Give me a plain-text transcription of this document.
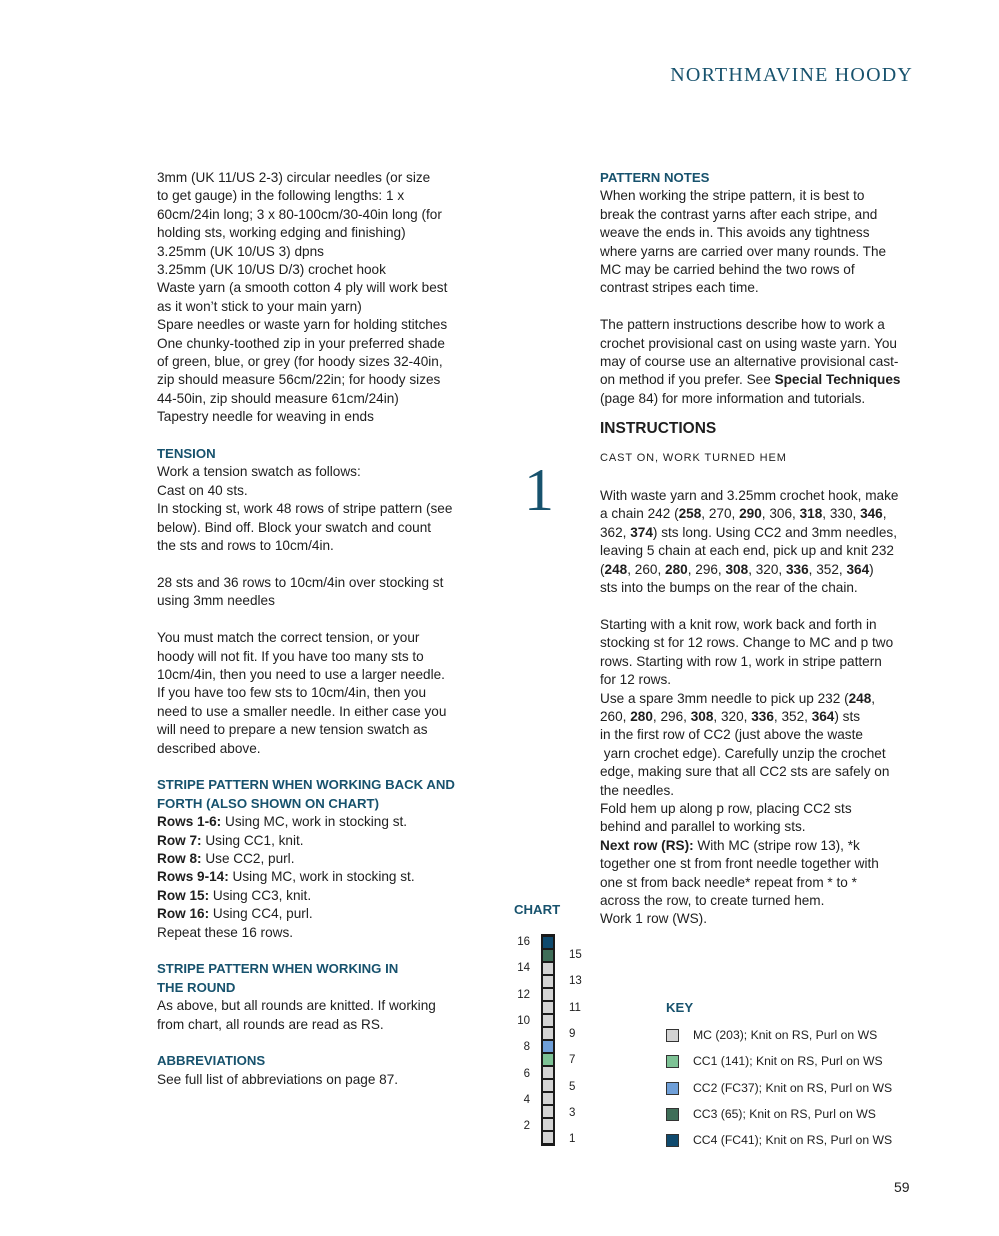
NORTHMAVINE HOODY
3mm (UK 11/US 2-3) circular needles (or size
to get gauge) in the following lengths: 1 x
60cm/24in long; 3 x 80-100cm/30-40in long (for
holding sts, working edging and finishing)
3.25mm (UK 10/US 3) dpns
3.25mm (UK 10/US D/3) crochet hook
Waste yarn (a smooth cotton 4 ply will work best
as it won’t stick to your main yarn)
Spare needles or waste yarn for holding stitches
One chunky-toothed zip in your preferred shade
of green, blue, or grey (for hoody sizes 32-40in,
zip should measure 56cm/22in; for hoody sizes
44-50in, zip should measure 61cm/24in)
Tapestry needle for weaving in ends
TENSION
Work a tension swatch as follows:
Cast on 40 sts.
In stocking st, work 48 rows of stripe pattern (see
below). Bind off. Block your swatch and count
the sts and rows to 10cm/4in.
28 sts and 36 rows to 10cm/4in over stocking st
using 3mm needles
You must match the correct tension, or your
hoody will not fit. If you have too many sts to
10cm/4in, then you need to use a larger needle.
If you have too few sts to 10cm/4in, then you
need to use a smaller needle. In either case you
will need to prepare a new tension swatch as
described above.
STRIPE PATTERN WHEN WORKING BACK AND
FORTH (ALSO SHOWN ON CHART)
Rows 1-6: Using MC, work in stocking st.
Row 7: Using CC1, knit.
Row 8: Use CC2, purl.
Rows 9-14: Using MC, work in stocking st.
Row 15: Using CC3, knit.
Row 16: Using CC4, purl.
Repeat these 16 rows.
STRIPE PATTERN WHEN WORKING IN
THE ROUND
As above, but all rounds are knitted. If working
from chart, all rounds are read as RS.
ABBREVIATIONS
See full list of abbreviations on page 87.
PATTERN NOTES
When working the stripe pattern, it is best to
break the contrast yarns after each stripe, and
weave the ends in. This avoids any tightness
where yarns are carried over many rounds. The
MC may be carried behind the two rows of
contrast stripes each time.
The pattern instructions describe how to work a
crochet provisional cast on using waste yarn. You
may of course use an alternative provisional cast-
on method if you prefer. See Special Techniques
(page 84) for more information and tutorials.
INSTRUCTIONS
CAST ON, WORK TURNED HEM
With waste yarn and 3.25mm crochet hook, make
a chain 242 (258, 270, 290, 306, 318, 330, 346,
362, 374) sts long. Using CC2 and 3mm needles,
leaving 5 chain at each end, pick up and knit 232
(248, 260, 280, 296, 308, 320, 336, 352, 364)
sts into the bumps on the rear of the chain.
Starting with a knit row, work back and forth in
stocking st for 12 rows. Change to MC and p two
rows. Starting with row 1, work in stripe pattern
for 12 rows.
Use a spare 3mm needle to pick up 232 (248,
260, 280, 296, 308, 320, 336, 352, 364) sts
in the first row of CC2 (just above the waste
yarn crochet edge). Carefully unzip the crochet
edge, making sure that all CC2 sts are safely on
the needles.
Fold hem up along p row, placing CC2 sts
behind and parallel to working sts.
Next row (RS): With MC (stripe row 13), *k
together one st from front needle together with
one st from back needle* repeat from * to *
across the row, to create turned hem.
Work 1 row (WS).
1
CHART
16
14
12
10
8
6
4
2
15
13
11
9
7
5
3
1
KEY
MC (203); Knit on RS, Purl on WS
CC1 (141); Knit on RS, Purl on WS
CC2 (FC37); Knit on RS, Purl on WS
CC3 (65); Knit on RS, Purl on WS
CC4 (FC41); Knit on RS, Purl on WS
59
